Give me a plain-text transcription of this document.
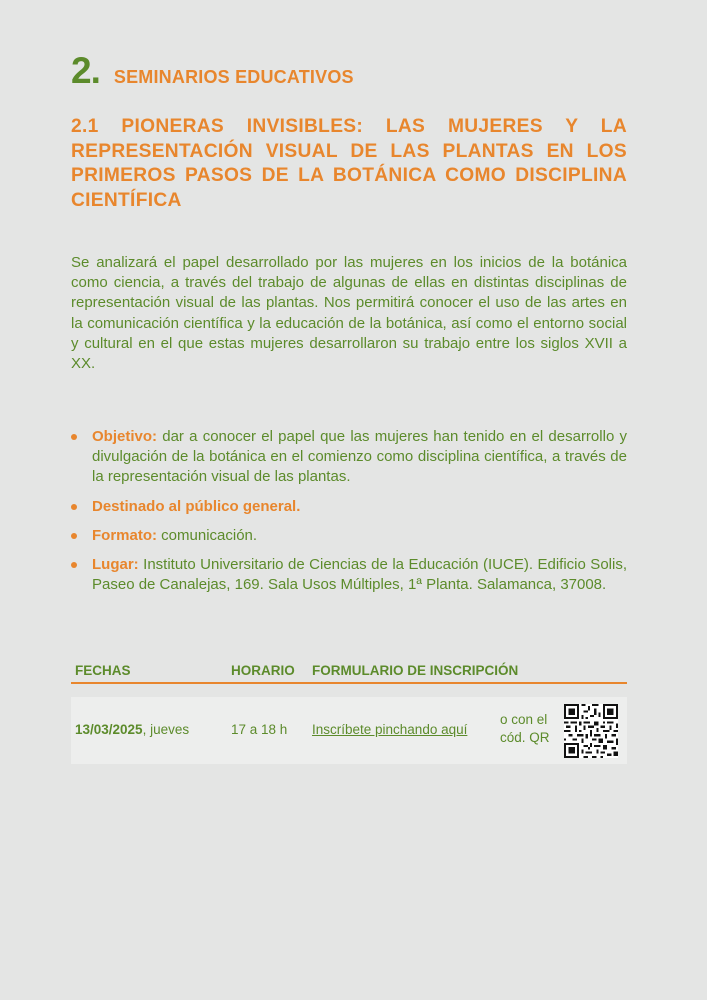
2. SEMINARIOS EDUCATIVOS
2.1 PIONERAS INVISIBLES: LAS MUJERES Y LA REPRESENTACIÓN VISUAL DE LAS PLANTAS EN LOS PRIMEROS PASOS DE LA BOTÁNICA COMO DISCIPLINA CIENTÍFICA

Se analizará el papel desarrollado por las mujeres en los inicios de la botánica como ciencia, a través del trabajo de algunas de ellas en distintas disciplinas de representación visual de las plantas. Nos permitirá conocer el uso de las artes en la comunicación científica y la educación de la botánica, así como el entorno social y cultural en el que estas mujeres desarrollaron su trabajo entre los siglos XVII a XX.

Objetivo: dar a conocer el papel que las mujeres han tenido en el desarrollo y divulgación de la botánica en el comienzo como disciplina científica, a través de la representación visual de las plantas.
Destinado al público general.
Formato: comunicación.
Lugar: Instituto Universitario de Ciencias de la Educación (IUCE). Edificio Solis, Paseo de Canalejas, 169. Sala Usos Múltiples, 1ª Planta. Salamanca, 37008.
FECHAS	HORARIO FORMULARIO DE INSCRIPCIÓN
13/03/2025, jueves	17 a 18 h Inscríbete pinchando aquí
o con el
cód. QR
